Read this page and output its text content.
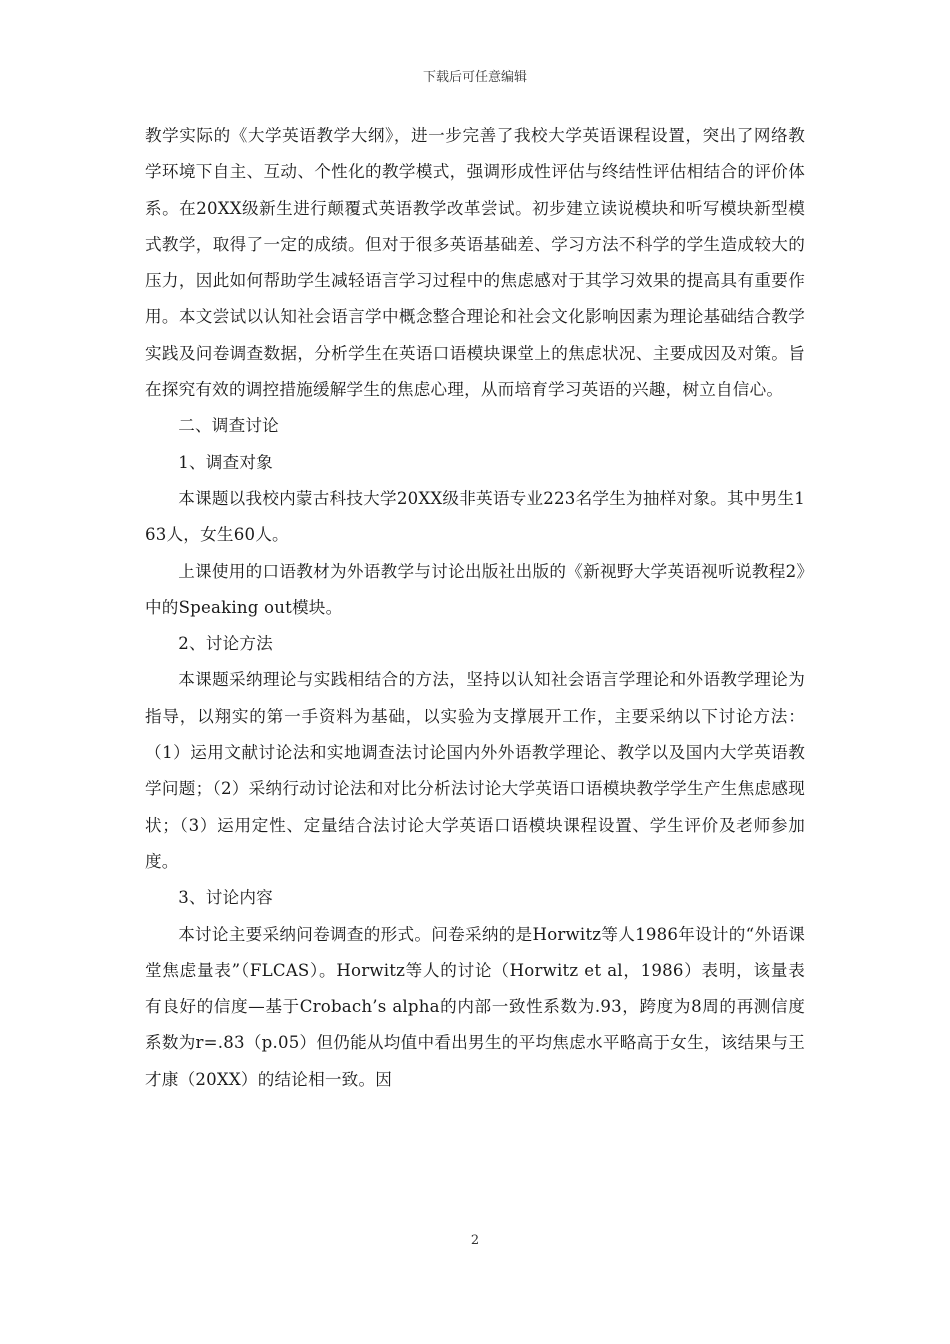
下载后可任意编辑

教学实际的《大学英语教学大纲》，进一步完善了我校大学英语课程设置，突出了网络教学环境下自主、互动、个性化的教学模式，强调形成性评估与终结性评估相结合的评价体系。在20XX级新生进行颠覆式英语教学改革尝试。初步建立读说模块和听写模块新型模式教学，取得了一定的成绩。但对于很多英语基础差、学习方法不科学的学生造成较大的压力，因此如何帮助学生减轻语言学习过程中的焦虑感对于其学习效果的提高具有重要作用。本文尝试以认知社会语言学中概念整合理论和社会文化影响因素为理论基础结合教学实践及问卷调查数据，分析学生在英语口语模块课堂上的焦虑状况、主要成因及对策。旨在探究有效的调控措施缓解学生的焦虑心理，从而培育学习英语的兴趣，树立自信心。

二、调查讨论

1、调查对象

本课题以我校内蒙古科技大学20XX级非英语专业223名学生为抽样对象。其中男生163人，女生60人。

上课使用的口语教材为外语教学与讨论出版社出版的《新视野大学英语视听说教程2》中的Speaking out模块。

2、讨论方法

本课题采纳理论与实践相结合的方法，坚持以认知社会语言学理论和外语教学理论为指导，以翔实的第一手资料为基础，以实验为支撑展开工作，主要采纳以下讨论方法：（1）运用文献讨论法和实地调查法讨论国内外外语教学理论、教学以及国内大学英语教学问题；（2）采纳行动讨论法和对比分析法讨论大学英语口语模块教学学生产生焦虑感现状；（3）运用定性、定量结合法讨论大学英语口语模块课程设置、学生评价及老师参加度。

3、讨论内容

本讨论主要采纳问卷调查的形式。问卷采纳的是Horwitz等人1986年设计的“外语课堂焦虑量表”（FLCAS）。Horwitz等人的讨论（Horwitz et al，1986）表明，该量表有良好的信度—基于Crobach’s alpha的内部一致性系数为.93，跨度为8周的再测信度系数为r=.83（p.05）但仍能从均值中看出男生的平均焦虑水平略高于女生，该结果与王才康（20XX）的结论相一致。因

2
